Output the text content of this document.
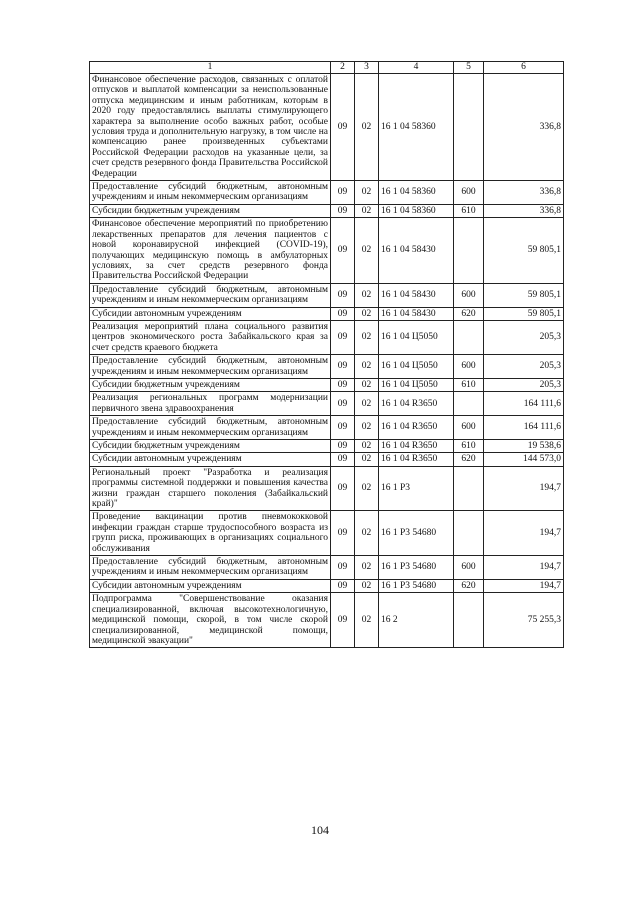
1	2	3	4	5	6
Финансовое обеспечение расходов, связанных с оплатой отпусков и выплатой компенсации за неиспользованные отпуска медицинским и иным работникам, которым в 2020 году предоставлялись выплаты стимулирующего характера за выполнение особо важных работ, особые условия труда и дополнительную нагрузку, в том числе на компенсацию ранее произведенных субъектами Российской Федерации расходов на указанные цели, за счет средств резервного фонда Правительства Российской Федерации	09	02	16 1 04 58360		336,8
Предоставление субсидий бюджетным, автономным учреждениям и иным некоммерческим организациям	09	02	16 1 04 58360	600	336,8
Субсидии бюджетным учреждениям	09	02	16 1 04 58360	610	336,8
Финансовое обеспечение мероприятий по приобретению лекарственных препаратов для лечения пациентов с новой коронавирусной инфекцией (COVID-19), получающих медицинскую помощь в амбулаторных условиях, за счет средств резервного фонда Правительства Российской Федерации	09	02	16 1 04 58430		59 805,1
Предоставление субсидий бюджетным, автономным учреждениям и иным некоммерческим организациям	09	02	16 1 04 58430	600	59 805,1
Субсидии автономным учреждениям	09	02	16 1 04 58430	620	59 805,1
Реализация мероприятий плана социального развития центров экономического роста Забайкальского края за счет средств краевого бюджета	09	02	16 1 04 Ц5050		205,3
Предоставление субсидий бюджетным, автономным учреждениям и иным некоммерческим организациям	09	02	16 1 04 Ц5050	600	205,3
Субсидии бюджетным учреждениям	09	02	16 1 04 Ц5050	610	205,3
Реализация региональных программ модернизации первичного звена здравоохранения	09	02	16 1 04 R3650		164 111,6
Предоставление субсидий бюджетным, автономным учреждениям и иным некоммерческим организациям	09	02	16 1 04 R3650	600	164 111,6
Субсидии бюджетным учреждениям	09	02	16 1 04 R3650	610	19 538,6
Субсидии автономным учреждениям	09	02	16 1 04 R3650	620	144 573,0
Региональный проект "Разработка и реализация программы системной поддержки и повышения качества жизни граждан старшего поколения (Забайкальский край)"	09	02	16 1 P3		194,7
Проведение вакцинации против пневмококковой инфекции граждан старше трудоспособного возраста из групп риска, проживающих в организациях социального обслуживания	09	02	16 1 P3 54680		194,7
Предоставление субсидий бюджетным, автономным учреждениям и иным некоммерческим организациям	09	02	16 1 P3 54680	600	194,7
Субсидии автономным учреждениям	09	02	16 1 P3 54680	620	194,7
Подпрограмма "Совершенствование оказания специализированной, включая высокотехнологичную, медицинской помощи, скорой, в том числе скорой специализированной, медицинской помощи, медицинской эвакуации"	09	02	16 2		75 255,3
104
